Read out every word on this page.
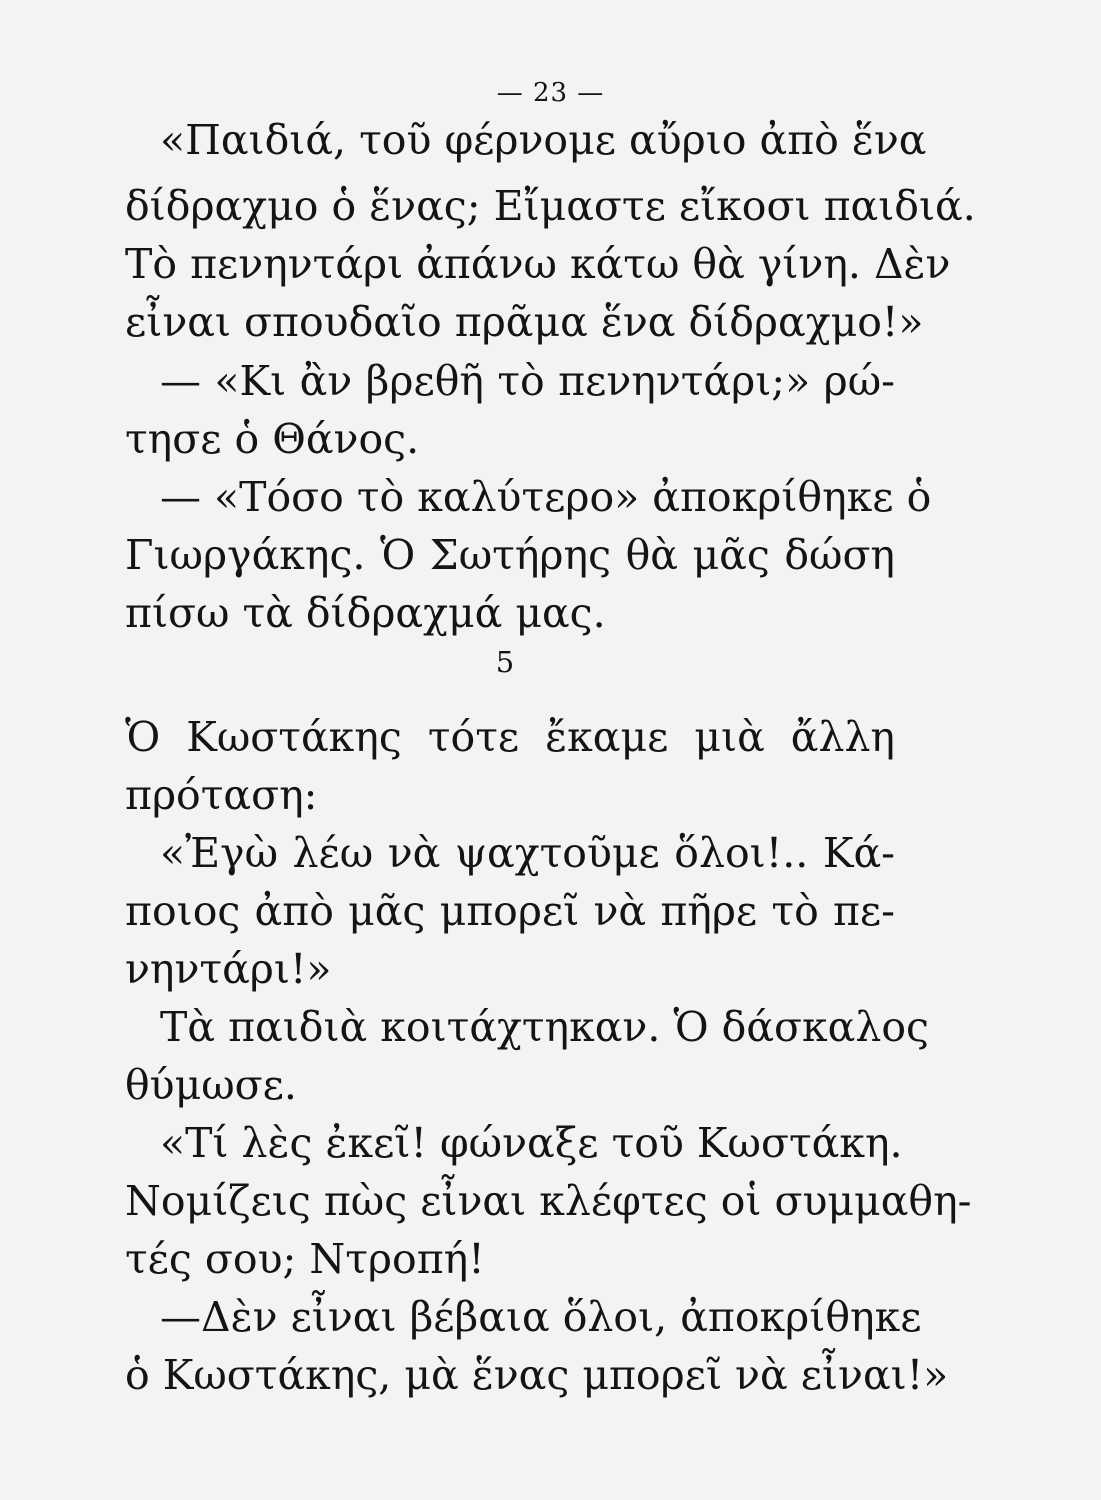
— 23 —
«Παιδιά, τοῦ φέρνομε αὔριο ἀπὸ ἕνα
δίδραχμο ὁ ἕνας; Εἴμαστε εἴκοσι παιδιά.
Τὸ πενηντάρι ἀπάνω κάτω θὰ γίνη. Δὲν
εἶναι σπουδαῖο πρᾶμα ἕνα δίδραχμο!»
— «Κι ἂν βρεθῆ τὸ πενηντάρι;» ρώ-
τησε ὁ Θάνος.
— «Τόσο τὸ καλύτερο» ἀποκρίθηκε ὁ
Γιωργάκης. Ὁ Σωτήρης θὰ μᾶς δώση
πίσω τὰ δίδραχμά μας.
5
Ὁ Κωστάκης τότε ἔκαμε μιὰ ἄλλη
πρόταση:
«Ἐγὼ λέω νὰ ψαχτοῦμε ὅλοι!.. Κά-
ποιος ἀπὸ μᾶς μπορεῖ νὰ πῆρε τὸ πε-
νηντάρι!»
Τὰ παιδιὰ κοιτάχτηκαν. Ὁ δάσκαλος
θύμωσε.
«Τί λὲς ἐκεῖ! φώναξε τοῦ Κωστάκη.
Νομίζεις πὼς εἶναι κλέφτες οἱ συμμαθη-
τές σου; Ντροπή!
—Δὲν εἶναι βέβαια ὅλοι, ἀποκρίθηκε
ὁ Κωστάκης, μὰ ἕνας μπορεῖ νὰ εἶναι!»
